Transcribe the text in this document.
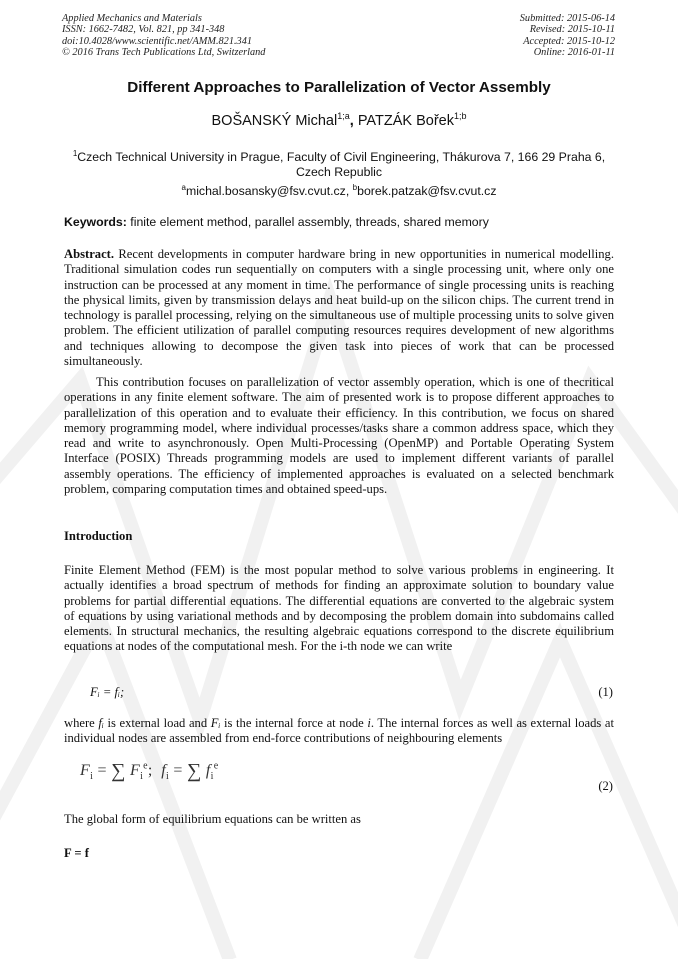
Applied Mechanics and Materials
ISSN: 1662-7482, Vol. 821, pp 341-348
doi:10.4028/www.scientific.net/AMM.821.341
© 2016 Trans Tech Publications Ltd, Switzerland
Submitted: 2015-06-14
Revised: 2015-10-11
Accepted: 2015-10-12
Online: 2016-01-11
Different Approaches to Parallelization of Vector Assembly
BOŠANSKÝ Michal$^{1;a}$, PATZÁK Bořek$^{1;b}$
$^1$Czech Technical University in Prague, Faculty of Civil Engineering, Thákurova 7, 166 29 Praha 6,
Czech Republic
$^a$michal.bosansky@fsv.cvut.cz, $^b$borek.patzak@fsv.cvut.cz
Keywords: finite element method, parallel assembly, threads, shared memory
Abstract. Recent developments in computer hardware bring in new opportunities in numerical modelling. Traditional simulation codes run sequentially on computers with a single processing unit, where only one instruction can be processed at any moment in time. The performance of single processing units is reaching the physical limits, given by transmission delays and heat build-up on the silicon chips. The current trend in technology is parallel processing, relying on the simultaneous use of multiple processing units to solve given problem. The efficient utilization of parallel computing resources requires development of new algorithms and techniques allowing to decompose the given task into pieces of work that can be processed simultaneously.
This contribution focuses on parallelization of vector assembly operation, which is one of thecritical operations in any finite element software. The aim of presented work is to propose different approaches to parallelization of this operation and to evaluate their efficiency. In this contribution, we focus on shared memory programming model, where individual processes/tasks share a common address space, which they read and write to asynchronously. Open Multi-Processing (OpenMP) and Portable Operating System Interface (POSIX) Threads programming models are used to implement different variants of parallel assembly operations. The efficiency of implemented approaches is evaluated on a selected benchmark problem, comparing computation times and obtained speed-ups.
Introduction
Finite Element Method (FEM) is the most popular method to solve various problems in engineering. It actually identifies a broad spectrum of methods for finding an approximate solution to boundary value problems for partial differential equations. The differential equations are converted to the algebraic system of equations by using variational methods and by decomposing the problem domain into subdomains called elements. In structural mechanics, the resulting algebraic equations correspond to the discrete equilibrium equations at nodes of the computational mesh. For the i-th node we can write
Fᵢ = fᵢ;	(1)
where fᵢ is external load and Fᵢ is the internal force at node i. The internal forces as well as external loads at individual nodes are assembled from end-force contributions of neighbouring elements
$F_i$ = ∑ $F_i^e$;  $f_i$ = ∑ $f_i^e$
(2)
The global form of equilibrium equations can be written as
F = f
